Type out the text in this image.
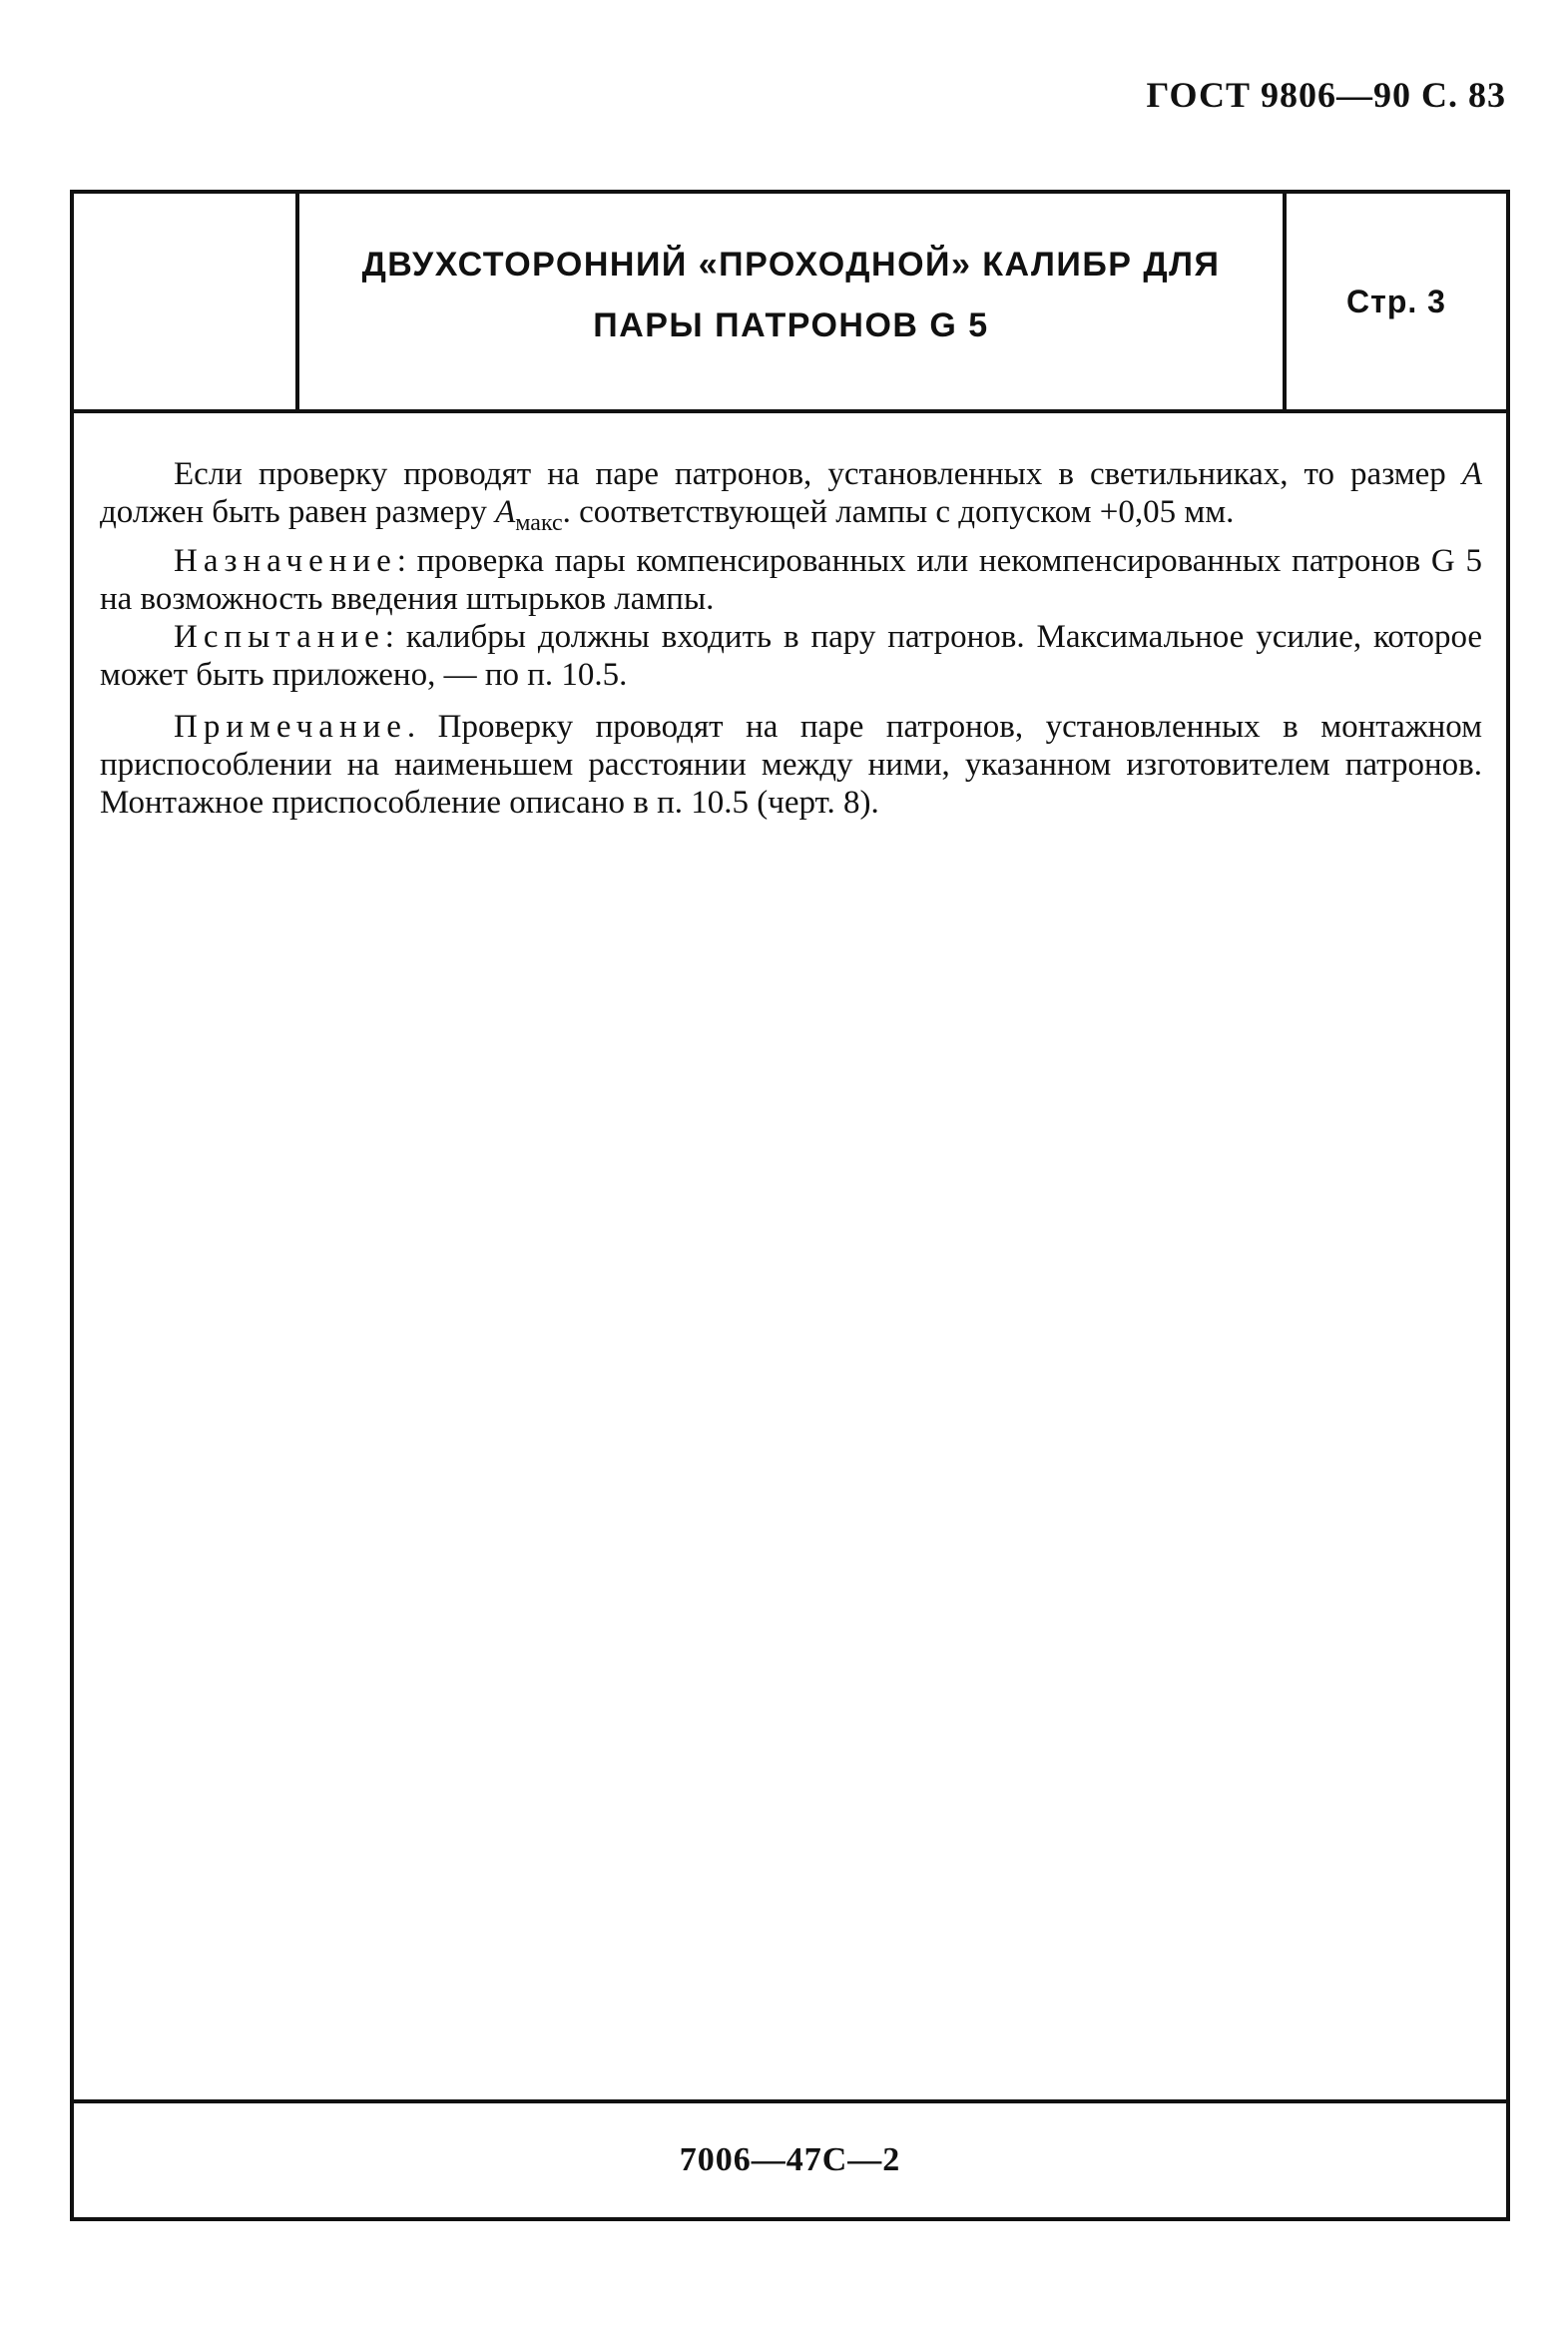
ГОСТ 9806—90 С. 83
ДВУХСТОРОННИЙ «ПРОХОДНОЙ» КАЛИБР ДЛЯ
ПАРЫ ПАТРОНОВ G 5
Стр. 3

Если проверку проводят на паре патронов, установленных в светильниках, то размер A должен быть равен размеру $A_{макс}$. соответствующей лампы с допуском +0,05 мм.

Назначение: проверка пары компенсированных или некомпенсированных патронов G 5 на возможность введения штырьков лампы.

Испытание: калибры должны входить в пару патронов. Максимальное усилие, которое может быть приложено, — по п. 10.5.

Примечание. Проверку проводят на паре патронов, установленных в монтажном приспособлении на наименьшем расстоянии между ними, указанном изготовителем патронов. Монтажное приспособление описано в п. 10.5 (черт. 8).

7006—47С—2
